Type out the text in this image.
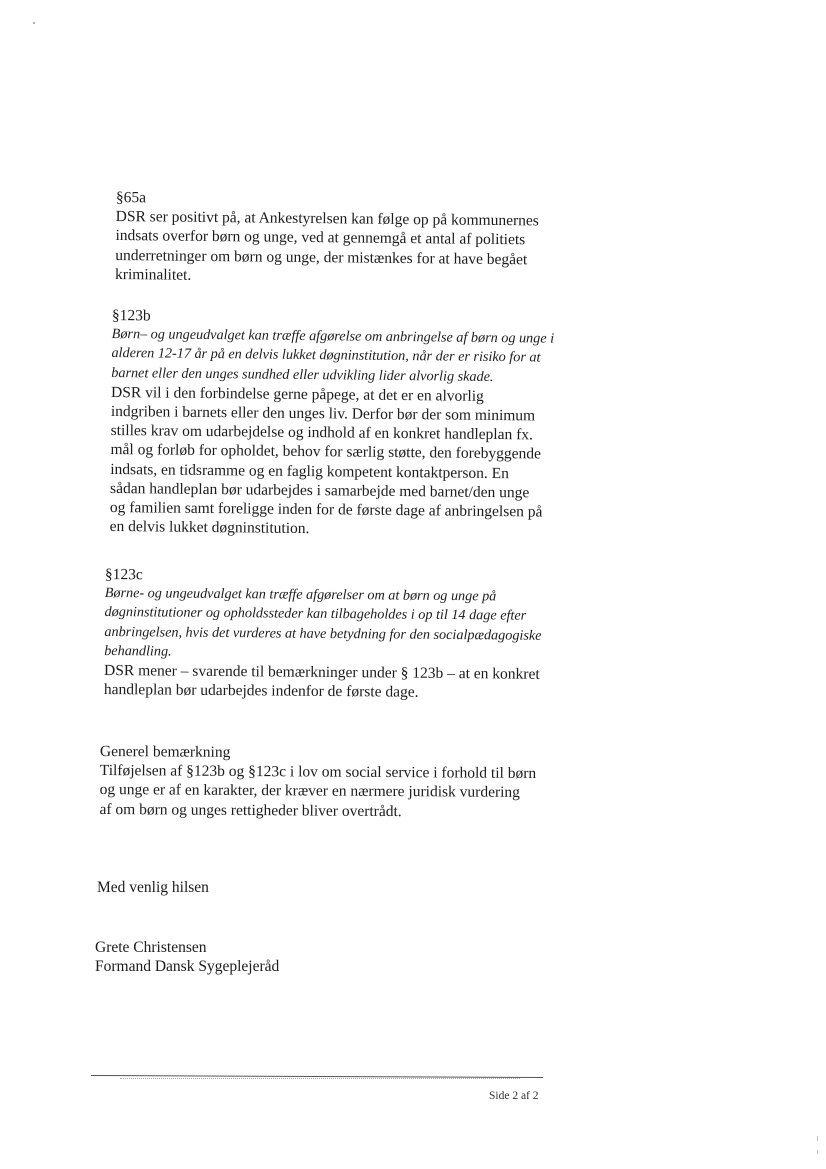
§65a

DSR ser positivt på, at Ankestyrelsen kan følge op på kommunernes

indsats overfor børn og unge, ved at gennemgå et antal af politiets

underretninger om børn og unge, der mistænkes for at have begået

kriminalitet.

§123b

Børn– og ungeudvalget kan træffe afgørelse om anbringelse af børn og unge i

alderen 12-17 år på en delvis lukket døgninstitution, når der er risiko for at

barnet eller den unges sundhed eller udvikling lider alvorlig skade.

DSR vil i den forbindelse gerne påpege, at det er en alvorlig

indgriben i barnets eller den unges liv. Derfor bør der som minimum

stilles krav om udarbejdelse og indhold af en konkret handleplan fx.

mål og forløb for opholdet, behov for særlig støtte, den forebyggende

indsats, en tidsramme og en faglig kompetent kontaktperson. En

sådan handleplan bør udarbejdes i samarbejde med barnet/den unge

og familien samt foreligge inden for de første dage af anbringelsen på

en delvis lukket døgninstitution.

§123c

Børne- og ungeudvalget kan træffe afgørelser om at børn og unge på

døgninstitutioner og opholdssteder kan tilbageholdes i op til 14 dage efter

anbringelsen, hvis det vurderes at have betydning for den socialpædagogiske

behandling.

DSR mener – svarende til bemærkninger under § 123b – at en konkret

handleplan bør udarbejdes indenfor de første dage.

Generel bemærkning

Tilføjelsen af §123b og §123c i lov om social service i forhold til børn

og unge er af en karakter, der kræver en nærmere juridisk vurdering

af om børn og unges rettigheder bliver overtrådt.

Med venlig hilsen

Grete Christensen

Formand Dansk Sygeplejeråd

Side 2 af 2
